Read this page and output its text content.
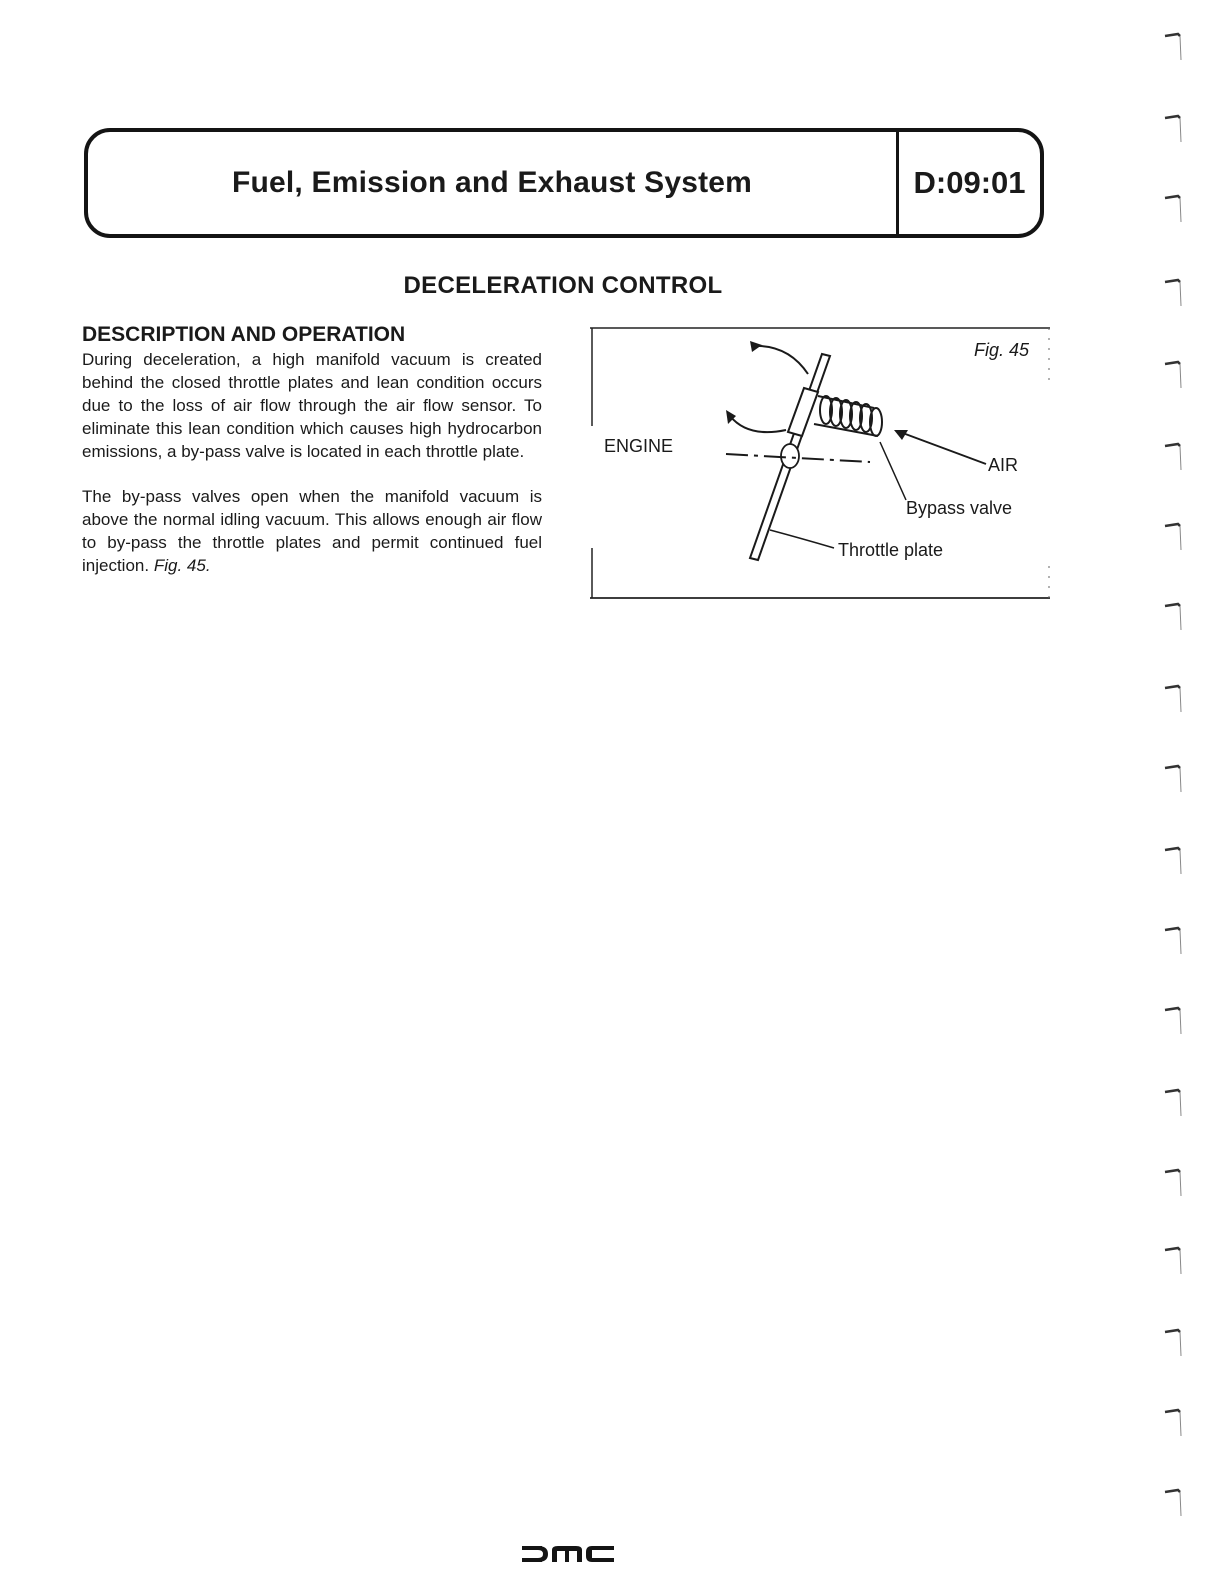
Fuel, Emission and Exhaust System	D:09:01
DECELERATION CONTROL

DESCRIPTION AND OPERATION

During deceleration, a high manifold vacuum is created behind the closed throttle plates and lean condition occurs due to the loss of air flow through the air flow sensor. To eliminate this lean condition which causes high hydrocarbon emissions, a by-pass valve is located in each throttle plate.

The by-pass valves open when the manifold vacuum is above the normal idling vacuum. This allows enough air flow to by-pass the throttle plates and permit continued fuel injection. Fig. 45.

Fig. 45
ENGINE
AIR
Bypass valve
Throttle plate
